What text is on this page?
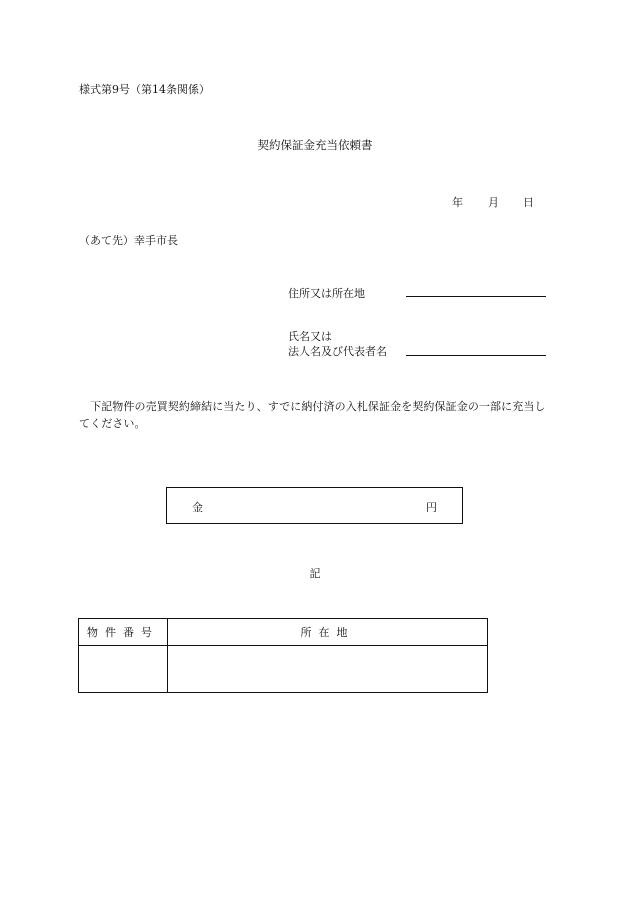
様式第9号（第14条関係）
契約保証金充当依頼書
年 月 日
（あて先）幸手市長
住所又は所在地
氏名又は
法人名及び代表者名
　下記物件の売買契約締結に当たり、すでに納付済の入札保証金を契約保証金の一部に充当してください。
金	円
記
物件番号	所在地
